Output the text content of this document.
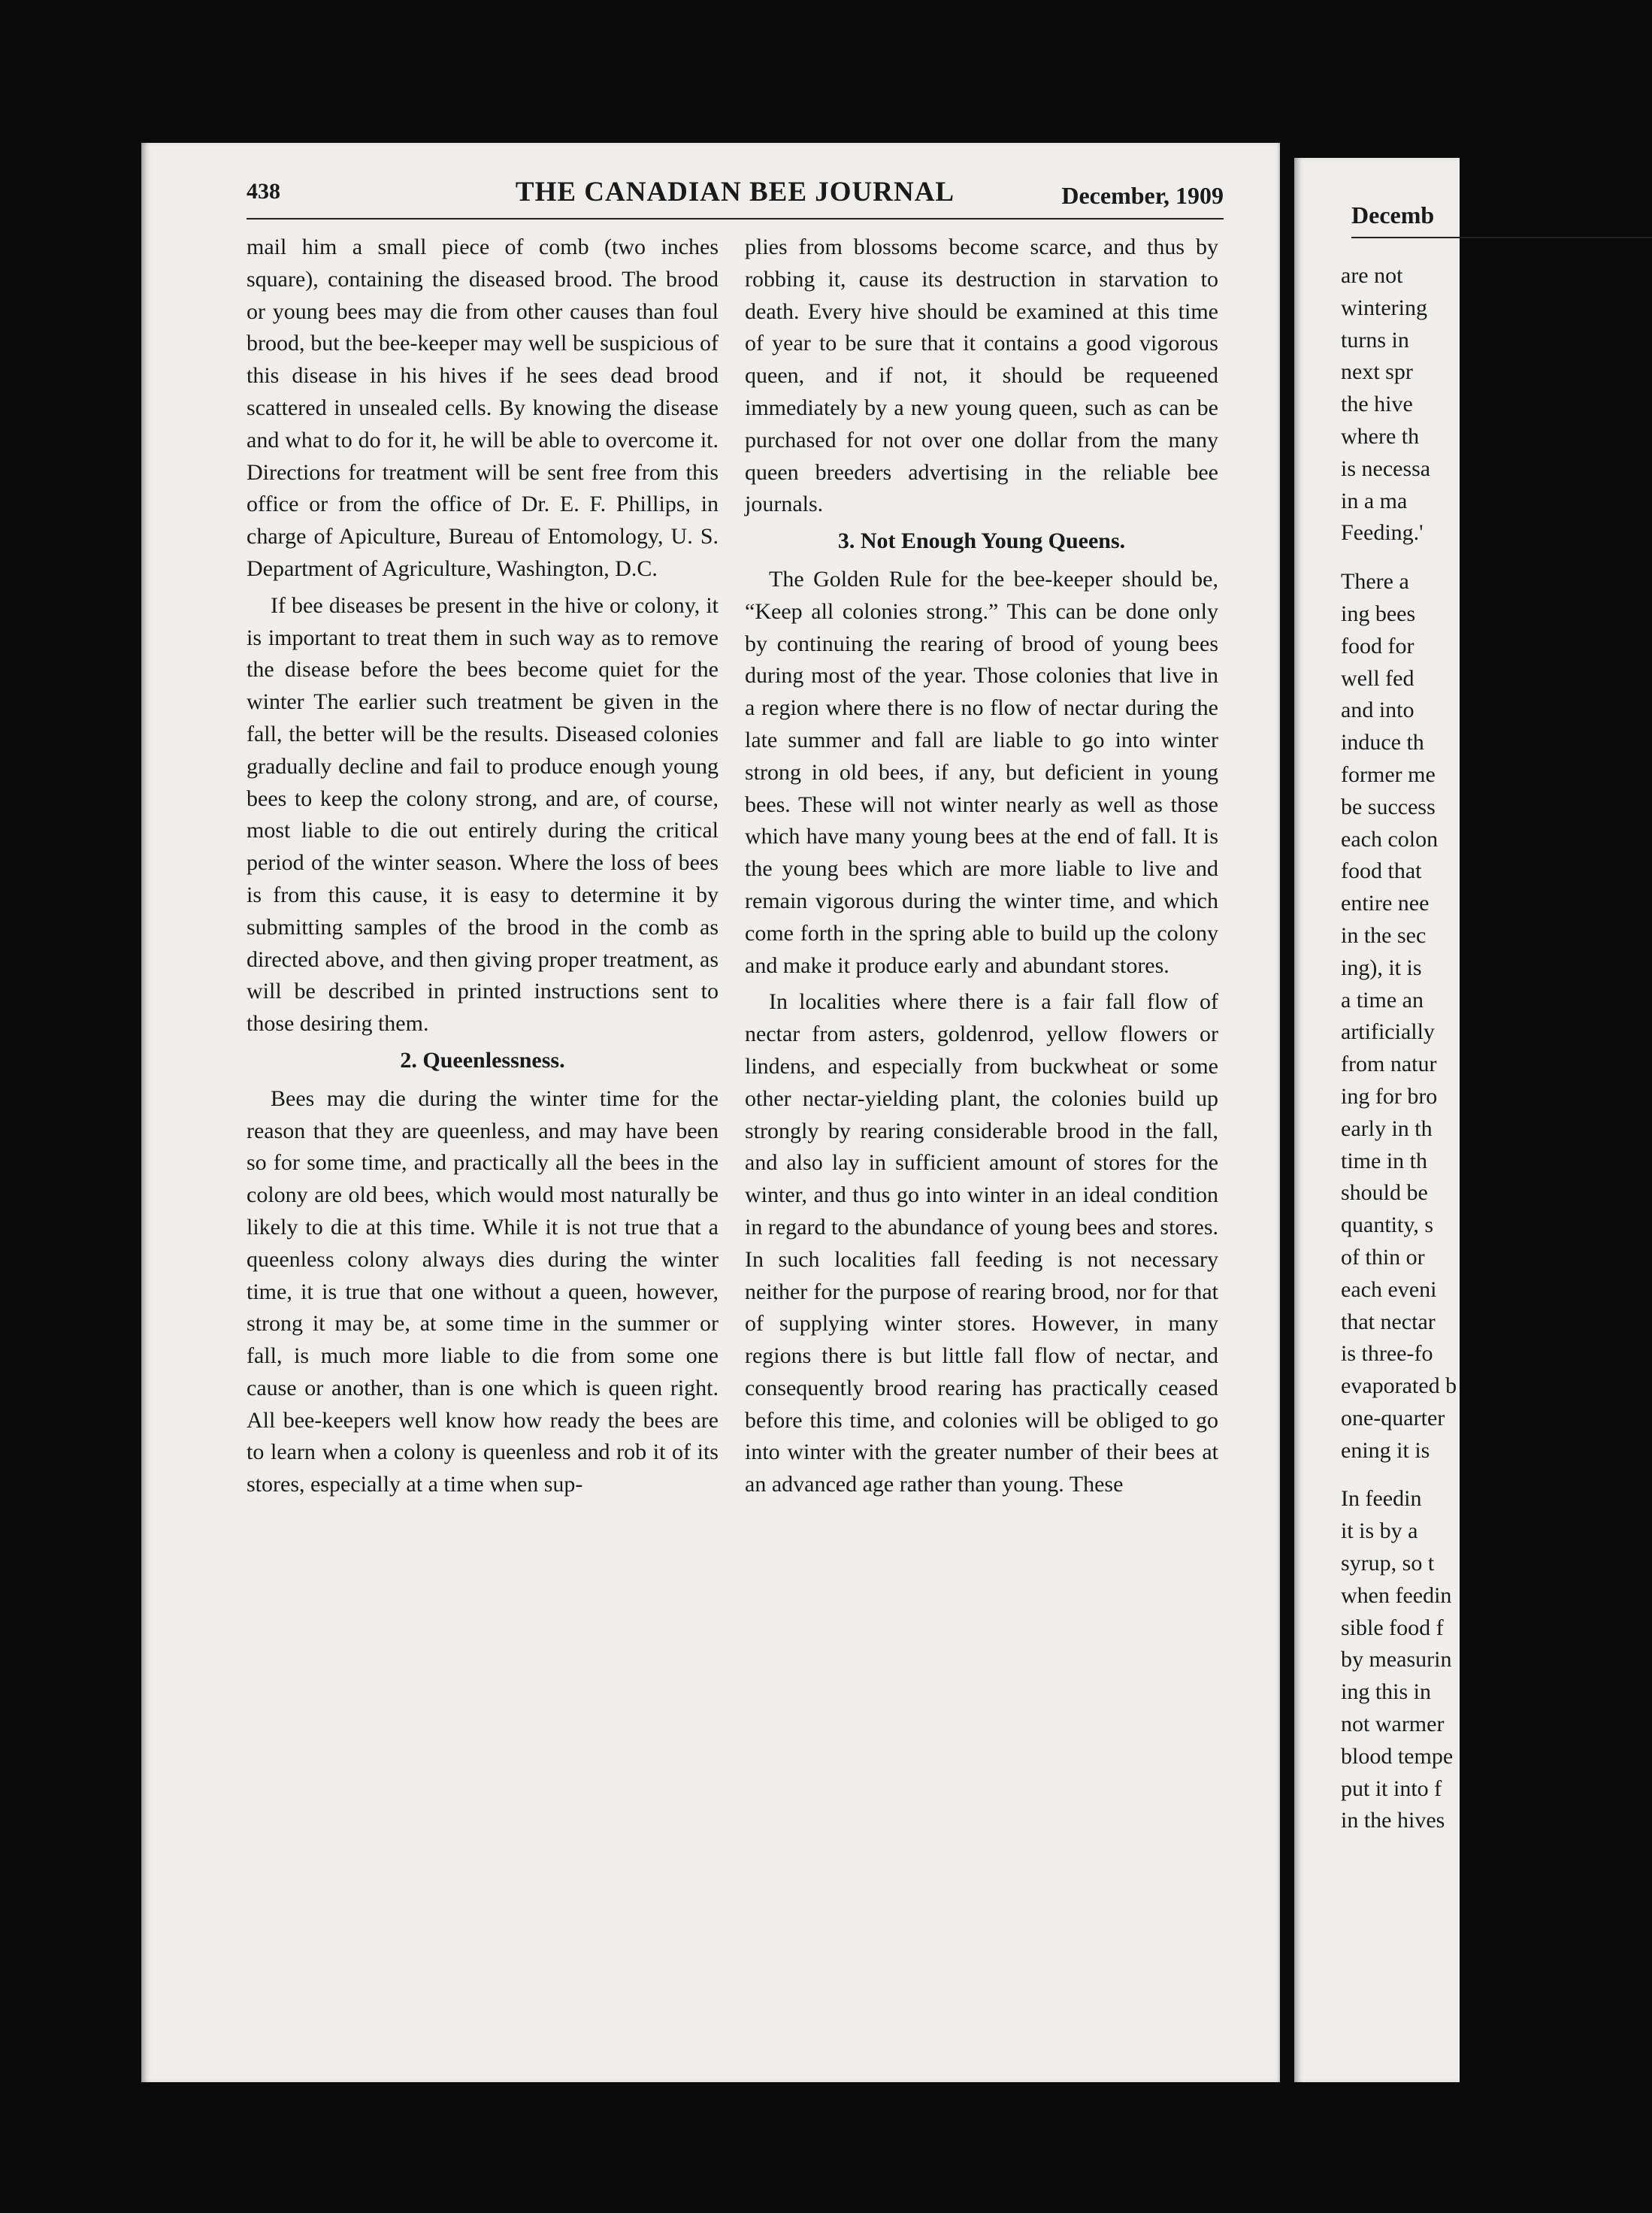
438	THE CANADIAN BEE JOURNAL	December, 1909

mail him a small piece of comb (two inches square), containing the diseased brood. The brood or young bees may die from other causes than foul brood, but the bee-keeper may well be suspicious of this disease in his hives if he sees dead brood scattered in unsealed cells. By knowing the disease and what to do for it, he will be able to overcome it. Directions for treatment will be sent free from this office or from the office of Dr. E. F. Phillips, in charge of Apiculture, Bureau of Entomology, U. S. Department of Agriculture, Washington, D.C.

If bee diseases be present in the hive or colony, it is important to treat them in such way as to remove the disease before the bees become quiet for the winter The earlier such treatment be given in the fall, the better will be the results. Diseased colonies gradually decline and fail to produce enough young bees to keep the colony strong, and are, of course, most liable to die out entirely during the critical period of the winter season. Where the loss of bees is from this cause, it is easy to determine it by submitting samples of the brood in the comb as directed above, and then giving proper treatment, as will be described in printed instructions sent to those desiring them.

2. Queenlessness.

Bees may die during the winter time for the reason that they are queenless, and may have been so for some time, and practically all the bees in the colony are old bees, which would most naturally be likely to die at this time. While it is not true that a queenless colony always dies during the winter time, it is true that one without a queen, however, strong it may be, at some time in the summer or fall, is much more liable to die from some one cause or another, than is one which is queen right. All bee-keepers well know how ready the bees are to learn when a colony is queenless and rob it of its stores, especially at a time when sup-

plies from blossoms become scarce, and thus by robbing it, cause its destruction in starvation to death. Every hive should be examined at this time of year to be sure that it contains a good vigorous queen, and if not, it should be requeened immediately by a new young queen, such as can be purchased for not over one dollar from the many queen breeders advertising in the reliable bee journals.

3. Not Enough Young Queens.

The Golden Rule for the bee-keeper should be, “Keep all colonies strong.” This can be done only by continuing the rearing of brood of young bees during most of the year. Those colonies that live in a region where there is no flow of nectar during the late summer and fall are liable to go into winter strong in old bees, if any, but deficient in young bees. These will not winter nearly as well as those which have many young bees at the end of fall. It is the young bees which are more liable to live and remain vigorous during the winter time, and which come forth in the spring able to build up the colony and make it produce early and abundant stores.

In localities where there is a fair fall flow of nectar from asters, goldenrod, yellow flowers or lindens, and especially from buckwheat or some other nectar-yielding plant, the colonies build up strongly by rearing considerable brood in the fall, and also lay in sufficient amount of stores for the winter, and thus go into winter in an ideal condition in regard to the abundance of young bees and stores. In such localities fall feeding is not necessary neither for the purpose of rearing brood, nor for that of supplying winter stores. However, in many regions there is but little fall flow of nectar, and consequently brood rearing has practically ceased before this time, and colonies will be obliged to go into winter with the greater number of their bees at an advanced age rather than young. These

Decemb
are not
wintering
turns in
next spr
the hive
where th
is necessa
in a ma
Feeding.'
There a
ing bees
food for
well fed
and into
induce th
former me
be success
each colon
food that
entire nee
in the sec
ing), it is
a time an
artificially
from natur
ing for bro
early in th
time in th
should be
quantity, s
of thin or
each eveni
that nectar
is three-fo
evaporated b
one-quarter
ening it is
In feedin
it is by a
syrup, so t
when feedin
sible food f
by measurin
ing this in
not warmer
blood tempe
put it into f
in the hives
